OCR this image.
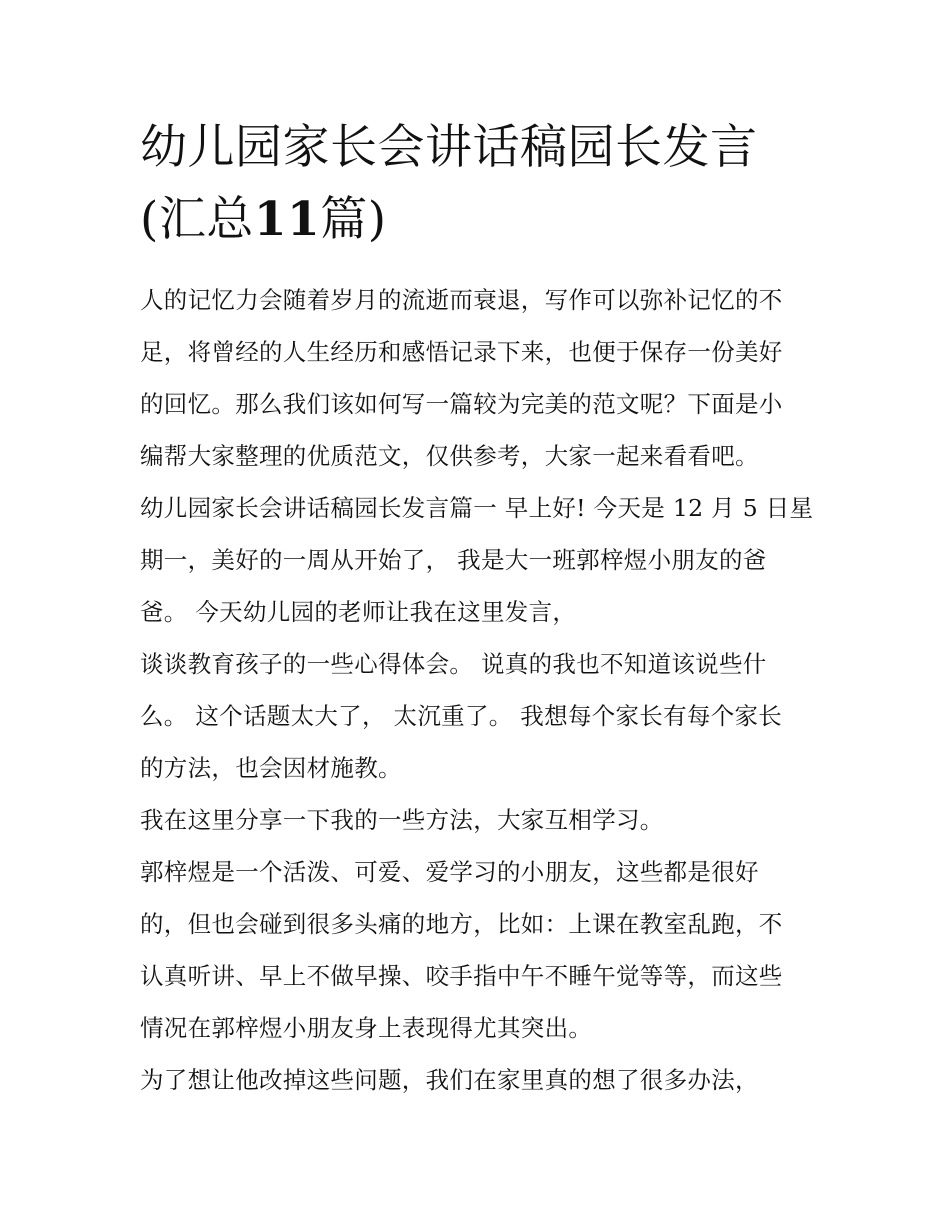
幼儿园家长会讲话稿园长发言

(汇总11篇)

人的记忆力会随着岁月的流逝而衰退，写作可以弥补记忆的不

足，将曾经的人生经历和感悟记录下来，也便于保存一份美好

的回忆。那么我们该如何写一篇较为完美的范文呢？下面是小

编帮大家整理的优质范文，仅供参考，大家一起来看看吧。

幼儿园家长会讲话稿园长发言篇一 早上好! 今天是 12 月 5 日星

期一，美好的一周从开始了， 我是大一班郭梓煜小朋友的爸

爸。 今天幼儿园的老师让我在这里发言，

谈谈教育孩子的一些心得体会。 说真的我也不知道该说些什

么。 这个话题太大了， 太沉重了。 我想每个家长有每个家长

的方法，也会因材施教。

我在这里分享一下我的一些方法，大家互相学习。

郭梓煜是一个活泼、可爱、爱学习的小朋友，这些都是很好

的，但也会碰到很多头痛的地方，比如：上课在教室乱跑，不

认真听讲、早上不做早操、咬手指中午不睡午觉等等，而这些

情况在郭梓煜小朋友身上表现得尤其突出。

为了想让他改掉这些问题，我们在家里真的想了很多办法，
